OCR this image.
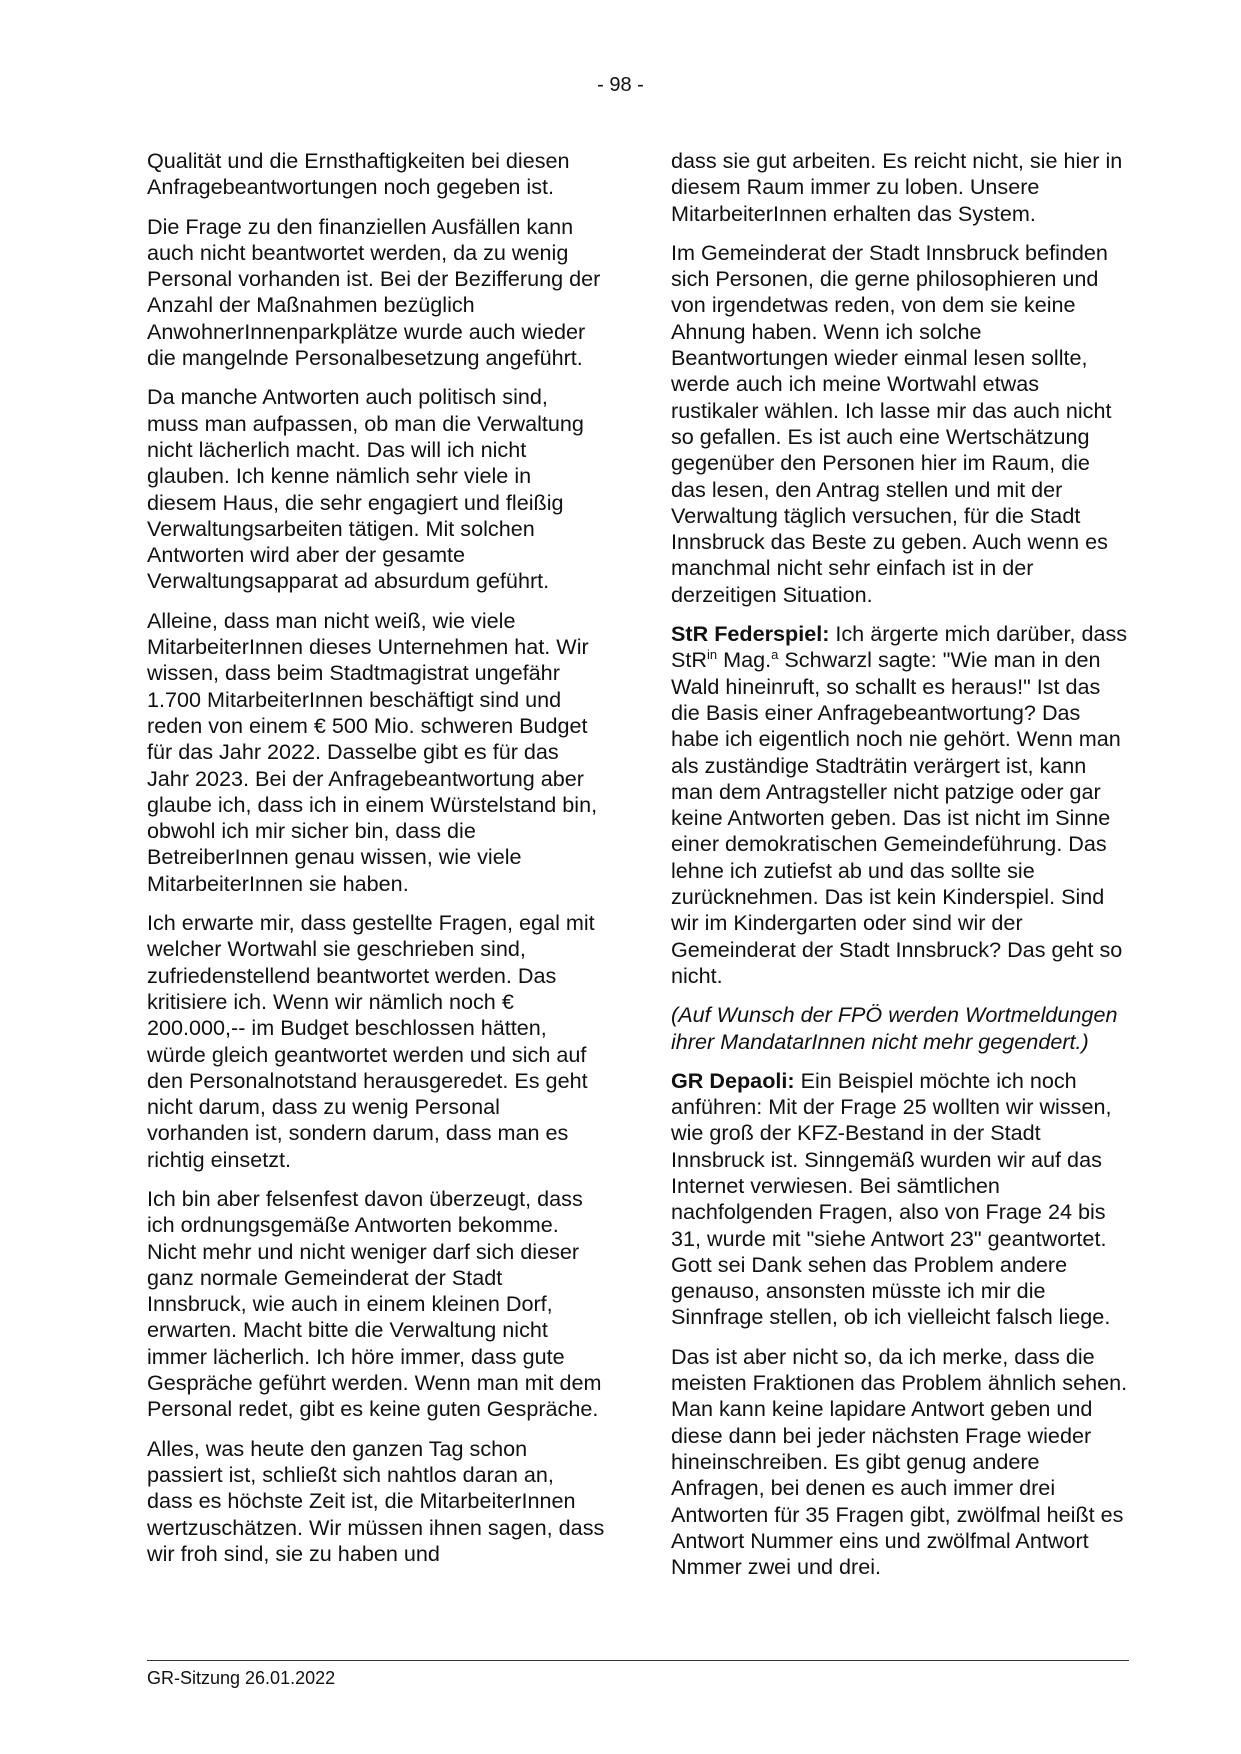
- 98 -

Qualität und die Ernsthaftigkeiten bei diesen Anfragebeantwortungen noch gegeben ist.

Die Frage zu den finanziellen Ausfällen kann auch nicht beantwortet werden, da zu wenig Personal vorhanden ist. Bei der Bezifferung der Anzahl der Maßnahmen bezüglich AnwohnerInnenparkplätze wurde auch wieder die mangelnde Personalbesetzung angeführt.

Da manche Antworten auch politisch sind, muss man aufpassen, ob man die Verwaltung nicht lächerlich macht. Das will ich nicht glauben. Ich kenne nämlich sehr viele in diesem Haus, die sehr engagiert und fleißig Verwaltungsarbeiten tätigen. Mit solchen Antworten wird aber der gesamte Verwaltungsapparat ad absurdum geführt.

Alleine, dass man nicht weiß, wie viele MitarbeiterInnen dieses Unternehmen hat. Wir wissen, dass beim Stadtmagistrat ungefähr 1.700 MitarbeiterInnen beschäftigt sind und reden von einem € 500 Mio. schweren Budget für das Jahr 2022. Dasselbe gibt es für das Jahr 2023. Bei der Anfragebeantwortung aber glaube ich, dass ich in einem Würstelstand bin, obwohl ich mir sicher bin, dass die BetreiberInnen genau wissen, wie viele MitarbeiterInnen sie haben.

Ich erwarte mir, dass gestellte Fragen, egal mit welcher Wortwahl sie geschrieben sind, zufriedenstellend beantwortet werden. Das kritisiere ich. Wenn wir nämlich noch € 200.000,-- im Budget beschlossen hätten, würde gleich geantwortet werden und sich auf den Personalnotstand herausgeredet. Es geht nicht darum, dass zu wenig Personal vorhanden ist, sondern darum, dass man es richtig einsetzt.

Ich bin aber felsenfest davon überzeugt, dass ich ordnungsgemäße Antworten bekomme. Nicht mehr und nicht weniger darf sich dieser ganz normale Gemeinderat der Stadt Innsbruck, wie auch in einem kleinen Dorf, erwarten. Macht bitte die Verwaltung nicht immer lächerlich. Ich höre immer, dass gute Gespräche geführt werden. Wenn man mit dem Personal redet, gibt es keine guten Gespräche.

Alles, was heute den ganzen Tag schon passiert ist, schließt sich nahtlos daran an, dass es höchste Zeit ist, die MitarbeiterInnen wertzuschätzen. Wir müssen ihnen sagen, dass wir froh sind, sie zu haben und

dass sie gut arbeiten. Es reicht nicht, sie hier in diesem Raum immer zu loben. Unsere MitarbeiterInnen erhalten das System.

Im Gemeinderat der Stadt Innsbruck befinden sich Personen, die gerne philosophieren und von irgendetwas reden, von dem sie keine Ahnung haben. Wenn ich solche Beantwortungen wieder einmal lesen sollte, werde auch ich meine Wortwahl etwas rustikaler wählen. Ich lasse mir das auch nicht so gefallen. Es ist auch eine Wertschätzung gegenüber den Personen hier im Raum, die das lesen, den Antrag stellen und mit der Verwaltung täglich versuchen, für die Stadt Innsbruck das Beste zu geben. Auch wenn es manchmal nicht sehr einfach ist in der derzeitigen Situation.

StR Federspiel: Ich ärgerte mich darüber, dass StR$^{in}$ Mag.$^a$ Schwarzl sagte: "Wie man in den Wald hineinruft, so schallt es heraus!" Ist das die Basis einer Anfragebeantwortung? Das habe ich eigentlich noch nie gehört. Wenn man als zuständige Stadträtin verärgert ist, kann man dem Antragsteller nicht patzige oder gar keine Antworten geben. Das ist nicht im Sinne einer demokratischen Gemeindeführung. Das lehne ich zutiefst ab und das sollte sie zurücknehmen. Das ist kein Kinderspiel. Sind wir im Kindergarten oder sind wir der Gemeinderat der Stadt Innsbruck? Das geht so nicht.

(Auf Wunsch der FPÖ werden Wortmeldungen ihrer MandatarInnen nicht mehr gegendert.)

GR Depaoli: Ein Beispiel möchte ich noch anführen: Mit der Frage 25 wollten wir wissen, wie groß der KFZ-Bestand in der Stadt Innsbruck ist. Sinngemäß wurden wir auf das Internet verwiesen. Bei sämtlichen nachfolgenden Fragen, also von Frage 24 bis 31, wurde mit "siehe Antwort 23" geantwortet. Gott sei Dank sehen das Problem andere genauso, ansonsten müsste ich mir die Sinnfrage stellen, ob ich vielleicht falsch liege.

Das ist aber nicht so, da ich merke, dass die meisten Fraktionen das Problem ähnlich sehen. Man kann keine lapidare Antwort geben und diese dann bei jeder nächsten Frage wieder hineinschreiben. Es gibt genug andere Anfragen, bei denen es auch immer drei Antworten für 35 Fragen gibt, zwölfmal heißt es Antwort Nummer eins und zwölfmal Antwort Nmmer zwei und drei.

GR-Sitzung 26.01.2022
